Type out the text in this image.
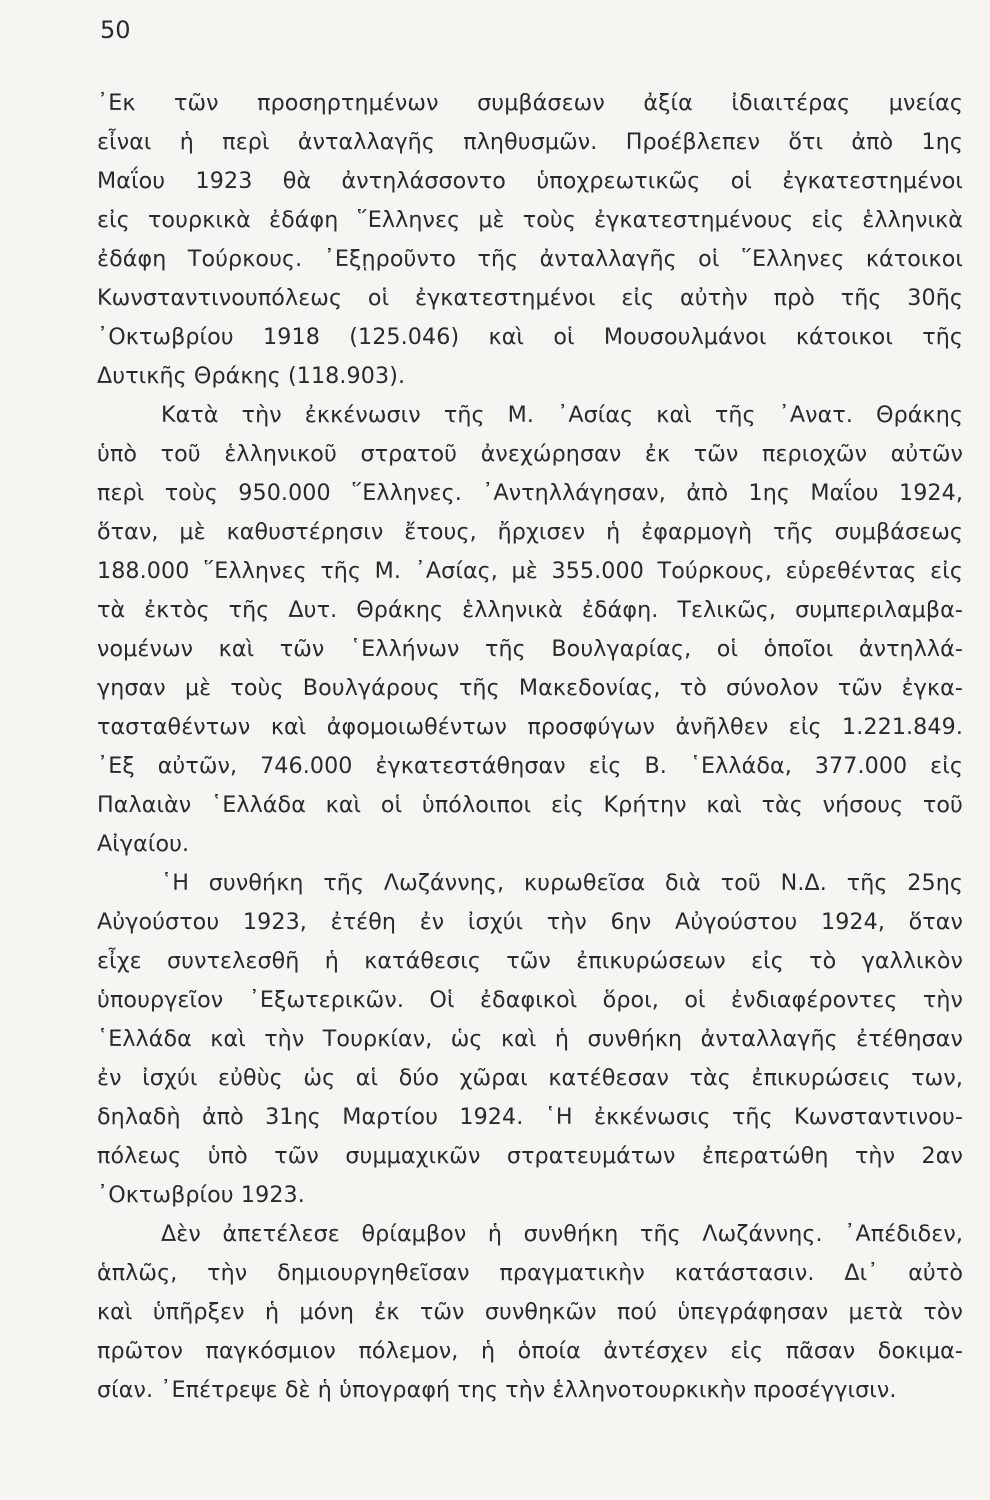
50
᾿Εκ τῶν προσηρτημένων συμβάσεων ἀξία ἰδιαιτέρας μνείας
εἶναι ἡ περὶ ἀνταλλαγῆς πληθυσμῶν. Προέβλεπεν ὅτι ἀπὸ 1ης
Μαΐου 1923 θὰ ἀντηλάσσοντο ὑποχρεωτικῶς οἱ ἐγκατεστημένοι
εἰς τουρκικὰ ἐδάφη ῞Ελληνες μὲ τοὺς ἐγκατεστημένους εἰς ἑλληνικὰ
ἐδάφη Τούρκους. ᾿Εξῃροῦντο τῆς ἀνταλλαγῆς οἱ ῞Ελληνες κάτοικοι
Κωνσταντινουπόλεως οἱ ἐγκατεστημένοι εἰς αὐτὴν πρὸ τῆς 30ῆς
᾿Οκτωβρίου 1918 (125.046) καὶ οἱ Μουσουλμάνοι κάτοικοι τῆς
Δυτικῆς Θράκης (118.903).
Κατὰ τὴν ἐκκένωσιν τῆς Μ. ᾿Ασίας καὶ τῆς ᾿Ανατ. Θράκης
ὑπὸ τοῦ ἑλληνικοῦ στρατοῦ ἀνεχώρησαν ἐκ τῶν περιοχῶν αὐτῶν
περὶ τοὺς 950.000 ῞Ελληνες. ᾿Αντηλλάγησαν, ἀπὸ 1ης Μαΐου 1924,
ὅταν, μὲ καθυστέρησιν ἔτους, ἤρχισεν ἡ ἐφαρμογὴ τῆς συμβάσεως
188.000 ῞Ελληνες τῆς Μ. ᾿Ασίας, μὲ 355.000 Τούρκους, εὑρεθέντας εἰς
τὰ ἐκτὸς τῆς Δυτ. Θράκης ἑλληνικὰ ἐδάφη. Τελικῶς, συμπεριλαμβα-
νομένων καὶ τῶν ῾Ελλήνων τῆς Βουλγαρίας, οἱ ὁποῖοι ἀντηλλά-
γησαν μὲ τοὺς Βουλγάρους τῆς Μακεδονίας, τὸ σύνολον τῶν ἐγκα-
τασταθέντων καὶ ἀφομοιωθέντων προσφύγων ἀνῆλθεν εἰς 1.221.849.
᾿Εξ αὐτῶν, 746.000 ἐγκατεστάθησαν εἰς Β. ῾Ελλάδα, 377.000 εἰς
Παλαιὰν ῾Ελλάδα καὶ οἱ ὑπόλοιποι εἰς Κρήτην καὶ τὰς νήσους τοῦ
Αἰγαίου.
῾Η συνθήκη τῆς Λωζάννης, κυρωθεῖσα διὰ τοῦ Ν.Δ. τῆς 25ης
Αὐγούστου 1923, ἐτέθη ἐν ἰσχύι τὴν 6ην Αὐγούστου 1924, ὅταν
εἶχε συντελεσθῆ ἡ κατάθεσις τῶν ἐπικυρώσεων εἰς τὸ γαλλικὸν
ὑπουργεῖον ᾿Εξωτερικῶν. Οἱ ἐδαφικοὶ ὅροι, οἱ ἐνδιαφέροντες τὴν
῾Ελλάδα καὶ τὴν Τουρκίαν, ὡς καὶ ἡ συνθήκη ἀνταλλαγῆς ἐτέθησαν
ἐν ἰσχύι εὐθὺς ὡς αἱ δύο χῶραι κατέθεσαν τὰς ἐπικυρώσεις των,
δηλαδὴ ἀπὸ 31ης Μαρτίου 1924. ῾Η ἐκκένωσις τῆς Κωνσταντινου-
πόλεως ὑπὸ τῶν συμμαχικῶν στρατευμάτων ἐπερατώθη τὴν 2αν
᾿Οκτωβρίου 1923.
Δὲν ἀπετέλεσε θρίαμβον ἡ συνθήκη τῆς Λωζάννης. ᾿Απέδιδεν,
ἁπλῶς, τὴν δημιουργηθεῖσαν πραγματικὴν κατάστασιν. Δι᾿ αὐτὸ
καὶ ὑπῆρξεν ἡ μόνη ἐκ τῶν συνθηκῶν πού ὑπεγράφησαν μετὰ τὸν
πρῶτον παγκόσμιον πόλεμον, ἡ ὁποία ἀντέσχεν εἰς πᾶσαν δοκιμα-
σίαν. ᾿Επέτρεψε δὲ ἡ ὑπογραφή της τὴν ἑλληνοτουρκικὴν προσέγγισιν.
